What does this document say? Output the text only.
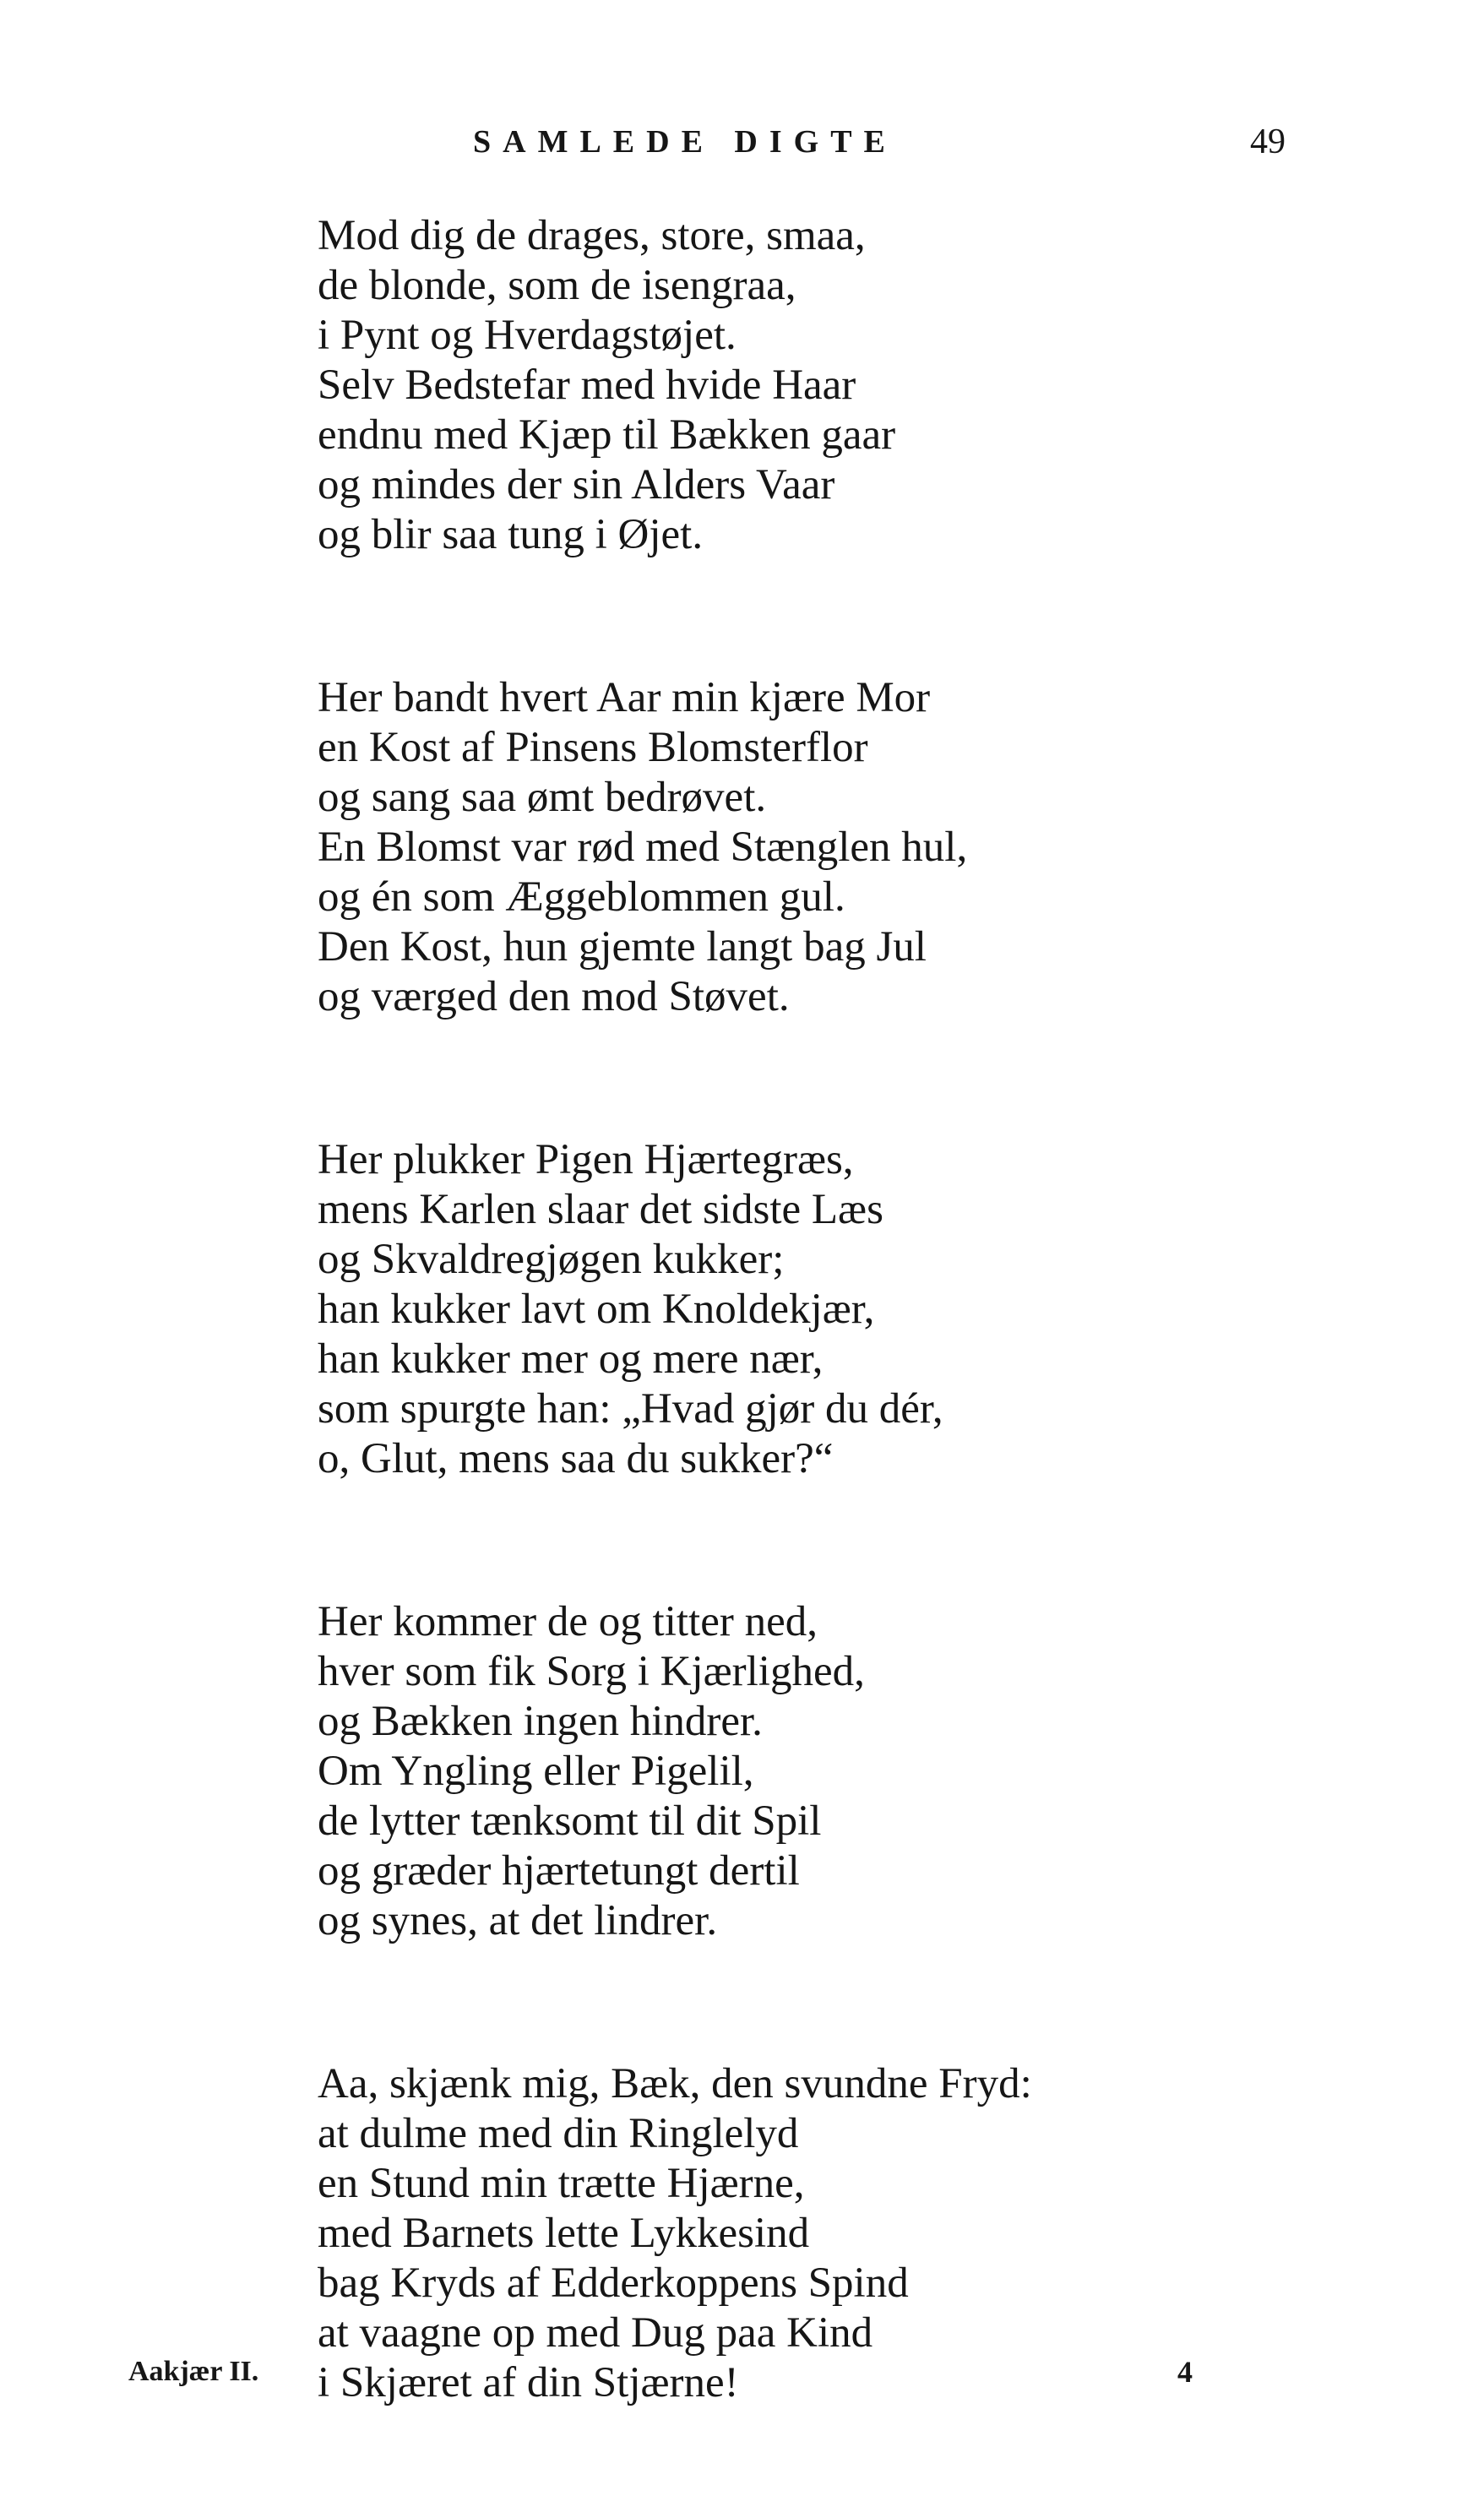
SAMLEDE DIGTE	49
Mod dig de drages, store, smaa,
de blonde, som de isengraa,
i Pynt og Hverdagstøjet.
Selv Bedstefar med hvide Haar
endnu med Kjæp til Bækken gaar
og mindes der sin Alders Vaar
og blir saa tung i Øjet.
Her bandt hvert Aar min kjære Mor
en Kost af Pinsens Blomsterflor
og sang saa ømt bedrøvet.
En Blomst var rød med Stænglen hul,
og én som Æggeblommen gul.
Den Kost, hun gjemte langt bag Jul
og værged den mod Støvet.
Her plukker Pigen Hjærtegræs,
mens Karlen slaar det sidste Læs
og Skvaldregjøgen kukker;
han kukker lavt om Knoldekjær,
han kukker mer og mere nær,
som spurgte han: „Hvad gjør du dér,
o, Glut, mens saa du sukker?“
Her kommer de og titter ned,
hver som fik Sorg i Kjærlighed,
og Bækken ingen hindrer.
Om Yngling eller Pigelil,
de lytter tænksomt til dit Spil
og græder hjærtetungt dertil
og synes, at det lindrer.
Aa, skjænk mig, Bæk, den svundne Fryd:
at dulme med din Ringlelyd
en Stund min trætte Hjærne,
med Barnets lette Lykkesind
bag Kryds af Edderkoppens Spind
at vaagne op med Dug paa Kind
i Skjæret af din Stjærne!
Aakjær II.	4
